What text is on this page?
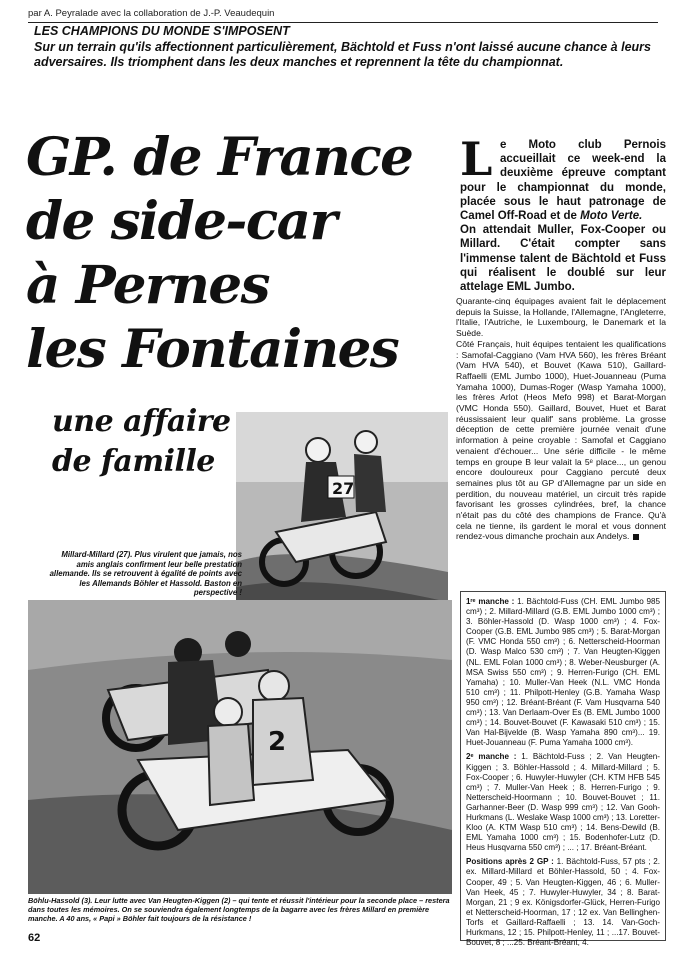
par A. Peyralade avec la collaboration de J.-P. Veaudequin
LES CHAMPIONS DU MONDE S'IMPOSENT
Sur un terrain qu'ils affectionnent particulièrement, Bächtold et Fuss n'ont laissé aucune chance à leurs adversaires. Ils triomphent dans les deux manches et reprennent la tête du championnat.
GP. de France
de side-car
à Pernes
les Fontaines
une affaire
de famille
L e Moto club Pernois accueillait ce week-end la deuxième épreuve comptant pour le championnat du monde, placée sous le haut patronage de Camel Off-Road et de Moto Verte.
On attendait Muller, Fox-Cooper ou Millard. C'était compter sans l'immense talent de Bächtold et Fuss qui réalisent le doublé sur leur attelage EML Jumbo.

Quarante-cinq équipages avaient fait le déplacement depuis la Suisse, la Hollande, l'Allemagne, l'Angleterre, l'Italie, l'Autriche, le Luxembourg, le Danemark et la Suède.

Côté Français, huit équipes tentaient les qualifications : Samofal-Caggiano (Vam HVA 560), les frères Bréant (Vam HVA 540), et Bouvet (Kawa 510), Gaillard-Raffaelli (EML Jumbo 1000), Huet-Jouanneau (Puma Yamaha 1000), Dumas-Roger (Wasp Yamaha 1000), les frères Arlot (Heos Mefo 998) et Barat-Morgan (VMC Honda 550). Gaillard, Bouvet, Huet et Barat réussissaient leur qualif' sans problème. La grosse déception de cette première journée venait d'une information à peine croyable : Samofal et Caggiano venaient d'échouer... Une série difficile - le même temps en groupe B leur valait la 5ᵉ place..., un genou encore douloureux pour Caggiano percuté deux semaines plus tôt au GP d'Allemagne par un side en perdition, du nouveau matériel, un circuit très rapide favorisant les grosses cylindrées, bref, la chance n'était pas du côté des champions de France. Qu'à cela ne tienne, ils gardent le moral et vous donnent rendez-vous dimanche prochain aux Andelys.

27
2
Millard-Millard (27). Plus virulent que jamais, nos amis anglais confirment leur belle prestation allemande. Ils se retrouvent à égalité de points avec les Allemands Böhler et Hassold. Baston en perspective !
Böhlu-Hassold (3). Leur lutte avec Van Heugten-Kiggen (2) – qui tente et réussit l'intérieur pour la seconde place – restera dans toutes les mémoires. On se souviendra également longtemps de la bagarre avec les frères Millard en première manche. A 40 ans, « Papi » Böhler fait toujours de la résistance !
62

1ʳᵉ manche : 1. Bächtold-Fuss (CH. EML Jumbo 985 cm³) ; 2. Millard-Millard (G.B. EML Jumbo 1000 cm³) ; 3. Böhler-Hassold (D. Wasp 1000 cm³) ; 4. Fox-Cooper (G.B. EML Jumbo 985 cm³) ; 5. Barat-Morgan (F. VMC Honda 550 cm³) ; 6. Netterscheid-Hoorman (D. Wasp Malco 530 cm³) ; 7. Van Heugten-Kiggen (NL. EML Folan 1000 cm³) ; 8. Weber-Neusburger (A. MSA Swiss 550 cm³) ; 9. Herren-Furigo (CH. EML Yamaha) ; 10. Muller-Van Heek (N.L. VMC Honda 510 cm³) ; 11. Philpott-Henley (G.B. Yamaha Wasp 950 cm³) ; 12. Bréant-Bréant (F. Vam Husqvarna 540 cm³) ; 13. Van Derlaam-Over Es (B. EML Jumbo 1000 cm³) ; 14. Bouvet-Bouvet (F. Kawasaki 510 cm³) ; 15. Van Hal-Bijvelde (B. Wasp Yamaha 890 cm³)... 19. Huet-Jouanneau (F. Puma Yamaha 1000 cm³).

2ᵉ manche : 1. Bächtold-Fuss ; 2. Van Heugten-Kiggen ; 3. Böhler-Hassold ; 4. Millard-Millard ; 5. Fox-Cooper ; 6. Huwyler-Huwyler (CH. KTM HFB 545 cm³) ; 7. Muller-Van Heek ; 8. Herren-Furigo ; 9. Netterscheid-Hoormann ; 10. Bouvet-Bouvet ; 11. Garhanner-Beer (D. Wasp 999 cm³) ; 12. Van Gooh-Hurkmans (L. Weslake Wasp 1000 cm³) ; 13. Loretter-Kloo (A. KTM Wasp 510 cm³) ; 14. Bens-Dewild (B. EML Yamaha 1000 cm³) ; 15. Bodenhofer-Lutz (D. Heus Husqvarna 550 cm³) ; ... ; 17. Bréant-Bréant.

Positions après 2 GP : 1. Bächtold-Fuss, 57 pts ; 2. ex. Millard-Millard et Böhler-Hassold, 50 ; 4. Fox-Cooper, 49 ; 5. Van Heugten-Kiggen, 46 ; 6. Muller-Van Heek, 45 ; 7. Huwyler-Huwyler, 34 ; 8. Barat-Morgan, 21 ; 9 ex. Königsdorfer-Glück, Herren-Furigo et Netterscheid-Hoorman, 17 ; 12 ex. Van Bellinghen-Torfs et Gaillard-Raffaelli ; 13. 14. Van-Goch-Hurkmans, 12 ; 15. Philpott-Henley, 11 ; ...17. Bouvet-Bouvet, 8 ; ...25. Bréant-Bréant, 4.
